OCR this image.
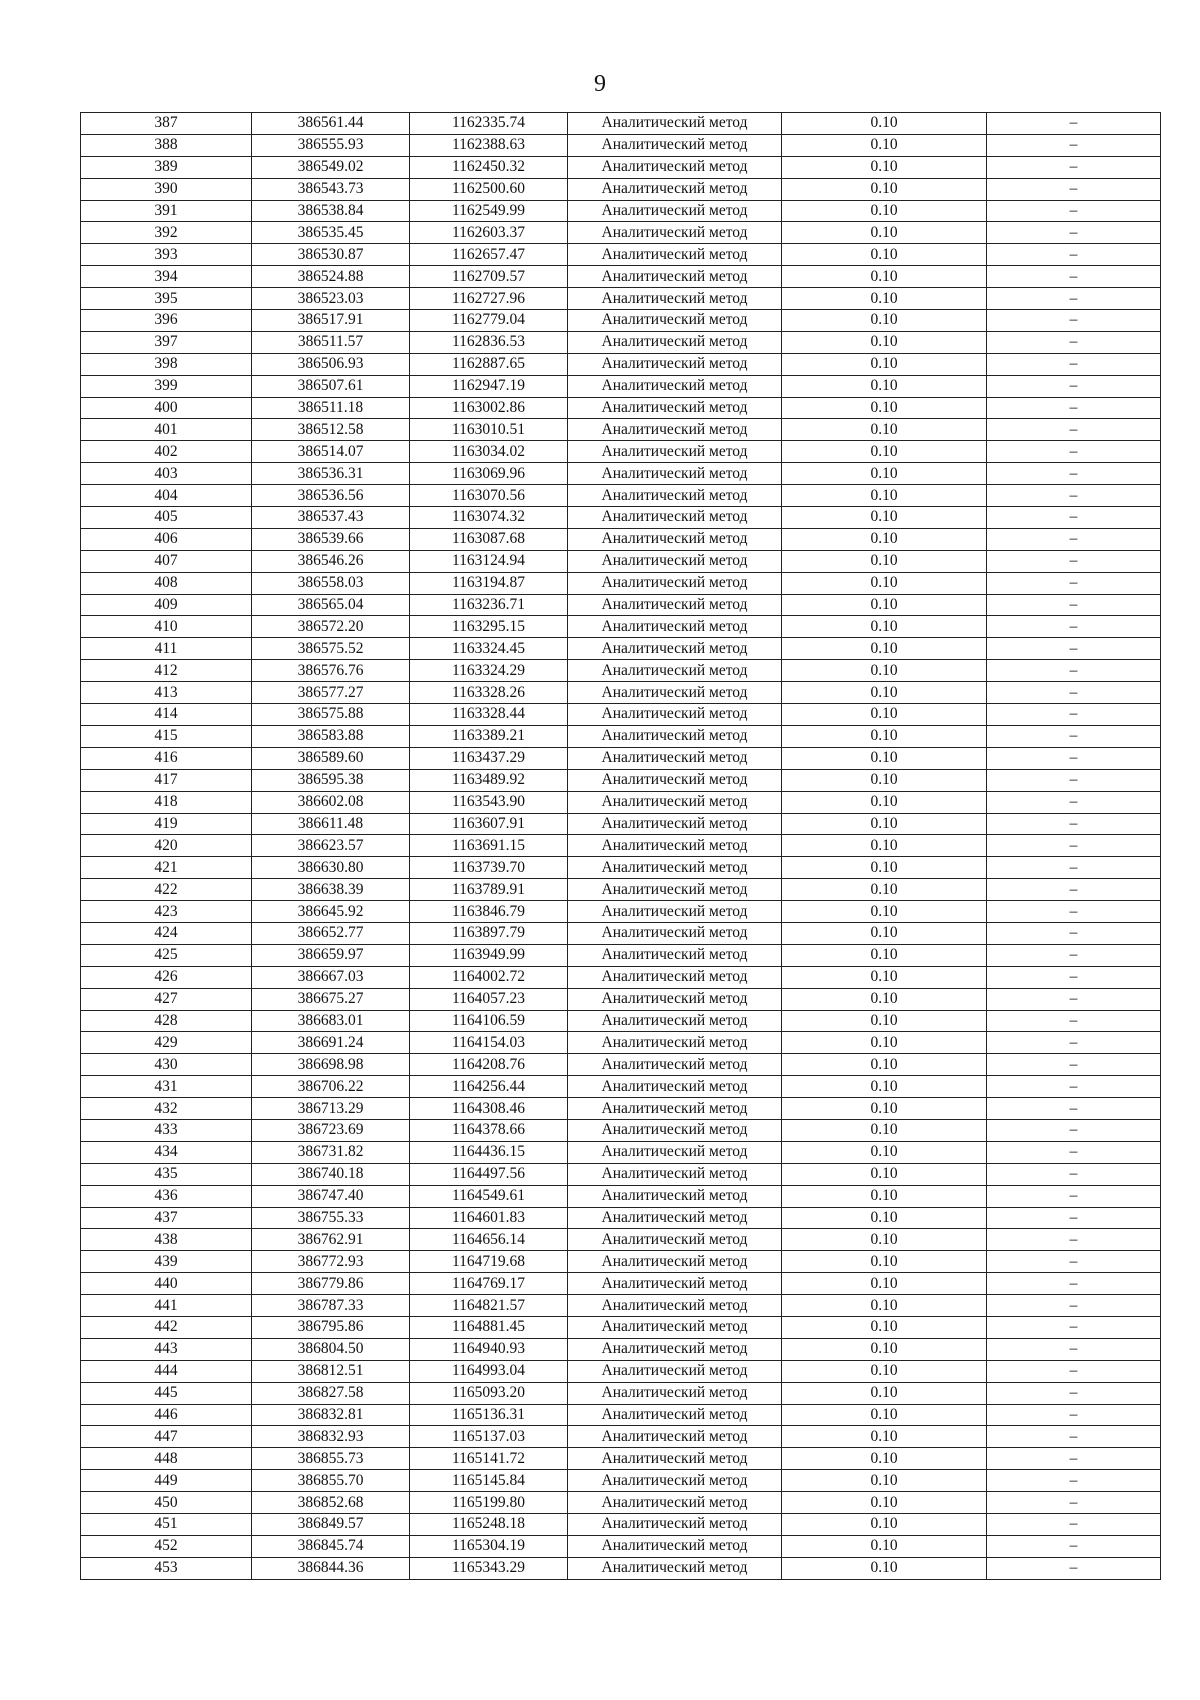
9
387	386561.44	1162335.74	Аналитический метод	0.10	–
388	386555.93	1162388.63	Аналитический метод	0.10	–
389	386549.02	1162450.32	Аналитический метод	0.10	–
390	386543.73	1162500.60	Аналитический метод	0.10	–
391	386538.84	1162549.99	Аналитический метод	0.10	–
392	386535.45	1162603.37	Аналитический метод	0.10	–
393	386530.87	1162657.47	Аналитический метод	0.10	–
394	386524.88	1162709.57	Аналитический метод	0.10	–
395	386523.03	1162727.96	Аналитический метод	0.10	–
396	386517.91	1162779.04	Аналитический метод	0.10	–
397	386511.57	1162836.53	Аналитический метод	0.10	–
398	386506.93	1162887.65	Аналитический метод	0.10	–
399	386507.61	1162947.19	Аналитический метод	0.10	–
400	386511.18	1163002.86	Аналитический метод	0.10	–
401	386512.58	1163010.51	Аналитический метод	0.10	–
402	386514.07	1163034.02	Аналитический метод	0.10	–
403	386536.31	1163069.96	Аналитический метод	0.10	–
404	386536.56	1163070.56	Аналитический метод	0.10	–
405	386537.43	1163074.32	Аналитический метод	0.10	–
406	386539.66	1163087.68	Аналитический метод	0.10	–
407	386546.26	1163124.94	Аналитический метод	0.10	–
408	386558.03	1163194.87	Аналитический метод	0.10	–
409	386565.04	1163236.71	Аналитический метод	0.10	–
410	386572.20	1163295.15	Аналитический метод	0.10	–
411	386575.52	1163324.45	Аналитический метод	0.10	–
412	386576.76	1163324.29	Аналитический метод	0.10	–
413	386577.27	1163328.26	Аналитический метод	0.10	–
414	386575.88	1163328.44	Аналитический метод	0.10	–
415	386583.88	1163389.21	Аналитический метод	0.10	–
416	386589.60	1163437.29	Аналитический метод	0.10	–
417	386595.38	1163489.92	Аналитический метод	0.10	–
418	386602.08	1163543.90	Аналитический метод	0.10	–
419	386611.48	1163607.91	Аналитический метод	0.10	–
420	386623.57	1163691.15	Аналитический метод	0.10	–
421	386630.80	1163739.70	Аналитический метод	0.10	–
422	386638.39	1163789.91	Аналитический метод	0.10	–
423	386645.92	1163846.79	Аналитический метод	0.10	–
424	386652.77	1163897.79	Аналитический метод	0.10	–
425	386659.97	1163949.99	Аналитический метод	0.10	–
426	386667.03	1164002.72	Аналитический метод	0.10	–
427	386675.27	1164057.23	Аналитический метод	0.10	–
428	386683.01	1164106.59	Аналитический метод	0.10	–
429	386691.24	1164154.03	Аналитический метод	0.10	–
430	386698.98	1164208.76	Аналитический метод	0.10	–
431	386706.22	1164256.44	Аналитический метод	0.10	–
432	386713.29	1164308.46	Аналитический метод	0.10	–
433	386723.69	1164378.66	Аналитический метод	0.10	–
434	386731.82	1164436.15	Аналитический метод	0.10	–
435	386740.18	1164497.56	Аналитический метод	0.10	–
436	386747.40	1164549.61	Аналитический метод	0.10	–
437	386755.33	1164601.83	Аналитический метод	0.10	–
438	386762.91	1164656.14	Аналитический метод	0.10	–
439	386772.93	1164719.68	Аналитический метод	0.10	–
440	386779.86	1164769.17	Аналитический метод	0.10	–
441	386787.33	1164821.57	Аналитический метод	0.10	–
442	386795.86	1164881.45	Аналитический метод	0.10	–
443	386804.50	1164940.93	Аналитический метод	0.10	–
444	386812.51	1164993.04	Аналитический метод	0.10	–
445	386827.58	1165093.20	Аналитический метод	0.10	–
446	386832.81	1165136.31	Аналитический метод	0.10	–
447	386832.93	1165137.03	Аналитический метод	0.10	–
448	386855.73	1165141.72	Аналитический метод	0.10	–
449	386855.70	1165145.84	Аналитический метод	0.10	–
450	386852.68	1165199.80	Аналитический метод	0.10	–
451	386849.57	1165248.18	Аналитический метод	0.10	–
452	386845.74	1165304.19	Аналитический метод	0.10	–
453	386844.36	1165343.29	Аналитический метод	0.10	–
